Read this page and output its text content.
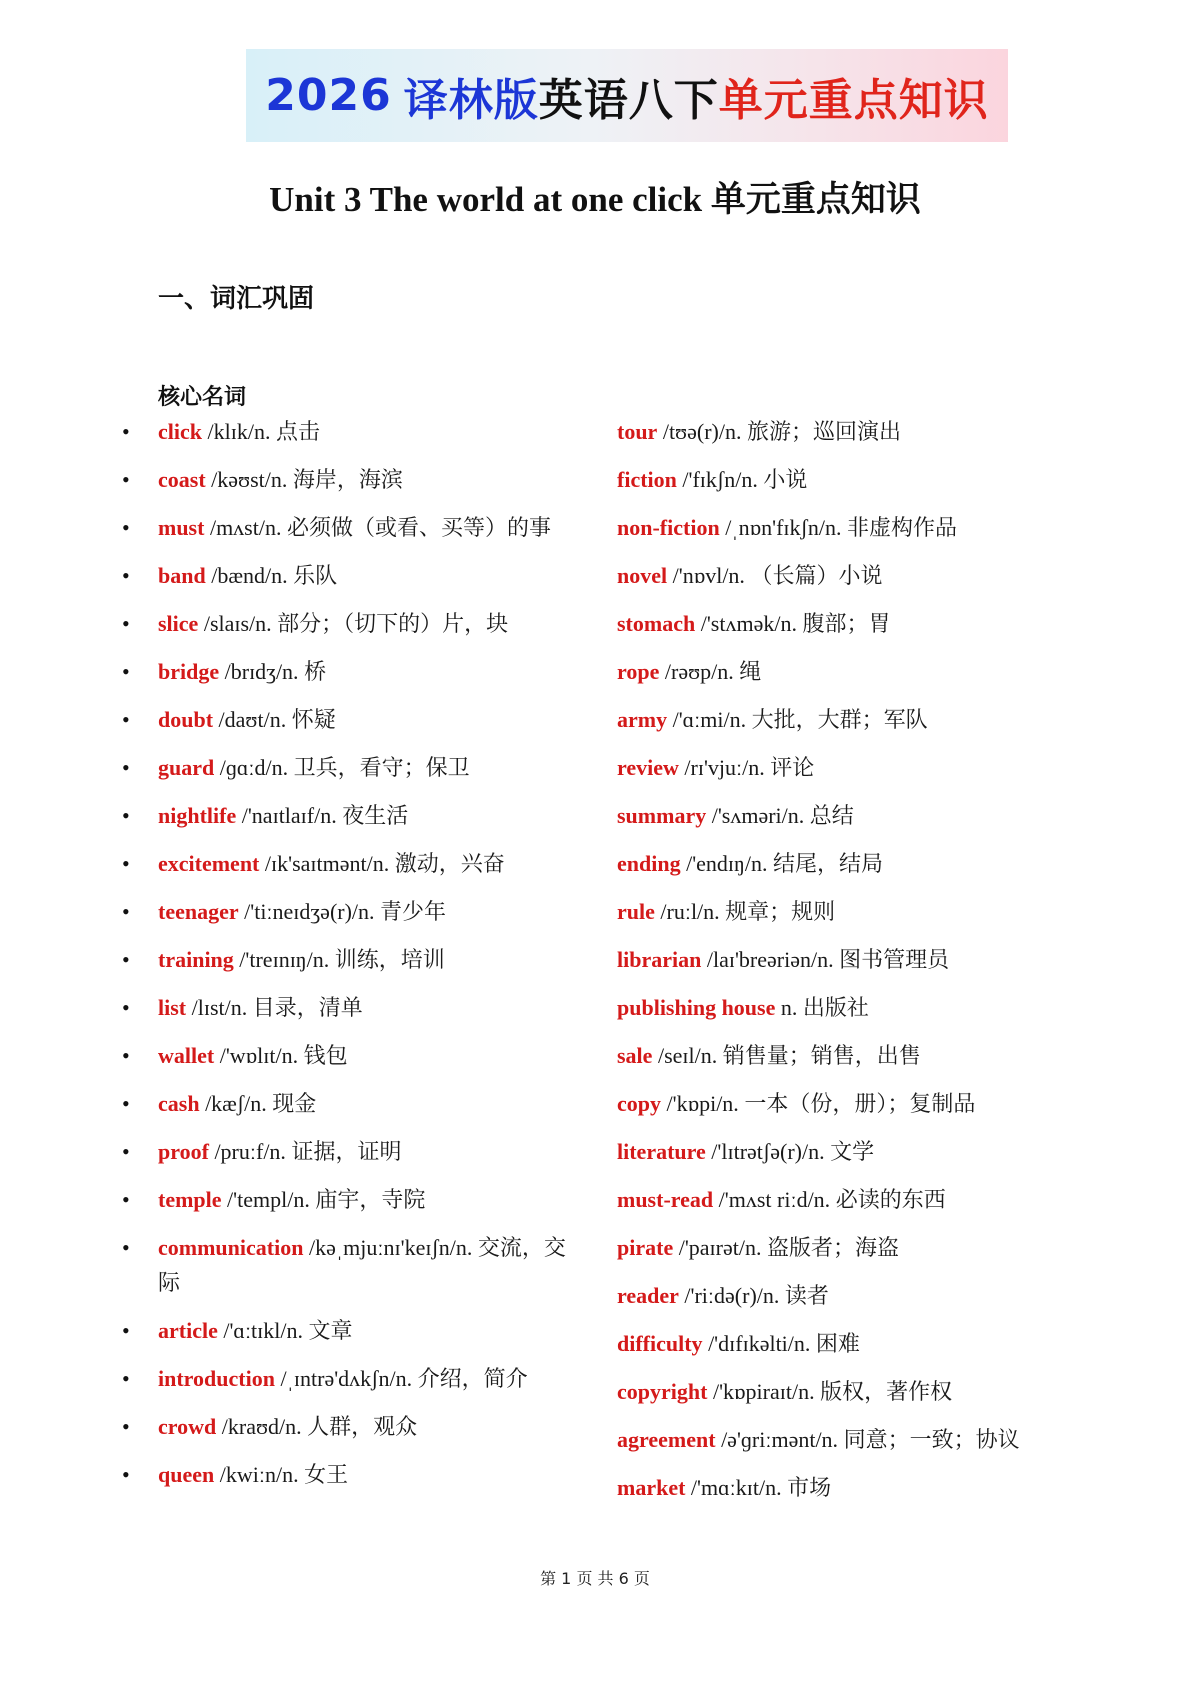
2026 译林版 英语八下 单元重点知识
Unit 3 The world at one click 单元重点知识
一、词汇巩固
核心名词
• click /klɪk/n. 点击
• coast /kəʊst/n. 海岸，海滨
• must /mʌst/n. 必须做（或看、买等）的事
• band /bænd/n. 乐队
• slice /slaɪs/n. 部分；（切下的）片，块
• bridge /brɪdʒ/n. 桥
• doubt /daʊt/n. 怀疑
• guard /ɡɑːd/n. 卫兵，看守；保卫
• nightlife /'naɪtlaɪf/n. 夜生活
• excitement /ɪk'saɪtmənt/n. 激动，兴奋
• teenager /'tiːneɪdʒə(r)/n. 青少年
• training /'treɪnɪŋ/n. 训练，培训
• list /lɪst/n. 目录，清单
• wallet /'wɒlɪt/n. 钱包
• cash /kæʃ/n. 现金
• proof /pruːf/n. 证据，证明
• temple /'templ/n. 庙宇，寺院
• communication /kəˌmjuːnɪ'keɪʃn/n. 交流，交际
• article /'ɑːtɪkl/n. 文章
• introduction /ˌɪntrə'dʌkʃn/n. 介绍，简介
• crowd /kraʊd/n. 人群，观众
• queen /kwiːn/n. 女王
tour /tʊə(r)/n. 旅游；巡回演出
fiction /'fɪkʃn/n. 小说
non-fiction /ˌnɒn'fɪkʃn/n. 非虚构作品
novel /'nɒvl/n. （长篇）小说
stomach /'stʌmək/n. 腹部；胃
rope /rəʊp/n. 绳
army /'ɑːmi/n. 大批，大群；军队
review /rɪ'vjuː/n. 评论
summary /'sʌməri/n. 总结
ending /'endɪŋ/n. 结尾，结局
rule /ruːl/n. 规章；规则
librarian /laɪ'breəriən/n. 图书管理员
publishing house n. 出版社
sale /seɪl/n. 销售量；销售，出售
copy /'kɒpi/n. 一本（份，册）；复制品
literature /'lɪtrətʃə(r)/n. 文学
must-read /'mʌst riːd/n. 必读的东西
pirate /'paɪrət/n. 盗版者；海盗
reader /'riːdə(r)/n. 读者
difficulty /'dɪfɪkəlti/n. 困难
copyright /'kɒpiraɪt/n. 版权，著作权
agreement /ə'ɡriːmənt/n. 同意；一致；协议
market /'mɑːkɪt/n. 市场
第 1 页 共 6 页
